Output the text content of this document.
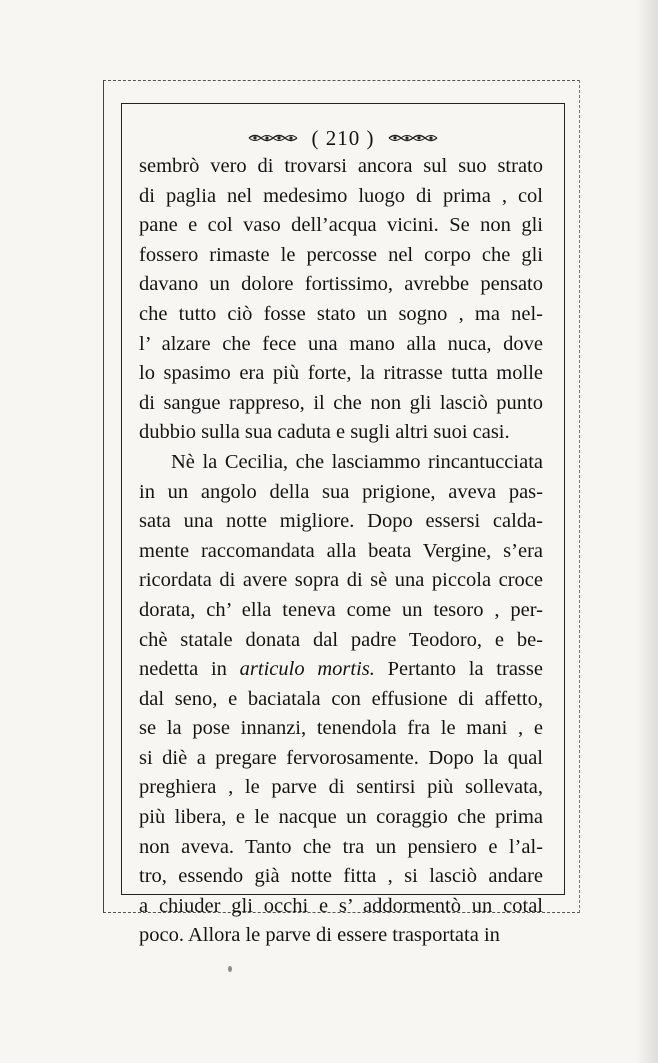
( 210 )
sembrò vero di trovarsi ancora sul suo strato
di paglia nel medesimo luogo di prima , col
pane e col vaso dell’acqua vicini. Se non gli
fossero rimaste le percosse nel corpo che gli
davano un dolore fortissimo, avrebbe pensato
che tutto ciò fosse stato un sogno , ma nel-
l’ alzare che fece una mano alla nuca, dove
lo spasimo era più forte, la ritrasse tutta molle
di sangue rappreso, il che non gli lasciò punto
dubbio sulla sua caduta e sugli altri suoi casi.
Nè la Cecilia, che lasciammo rincantucciata
in un angolo della sua prigione, aveva pas-
sata una notte migliore. Dopo essersi calda-
mente raccomandata alla beata Vergine, s’era
ricordata di avere sopra di sè una piccola croce
dorata, ch’ ella teneva come un tesoro , per-
chè statale donata dal padre Teodoro, e be-
nedetta in articulo mortis. Pertanto la trasse
dal seno, e baciatala con effusione di affetto,
se la pose innanzi, tenendola fra le mani , e
si diè a pregare fervorosamente. Dopo la qual
preghiera , le parve di sentirsi più sollevata,
più libera, e le nacque un coraggio che prima
non aveva. Tanto che tra un pensiero e l’al-
tro, essendo già notte fitta , si lasciò andare
a chiuder gli occhi e s’ addormentò un cotal
poco. Allora le parve di essere trasportata in
